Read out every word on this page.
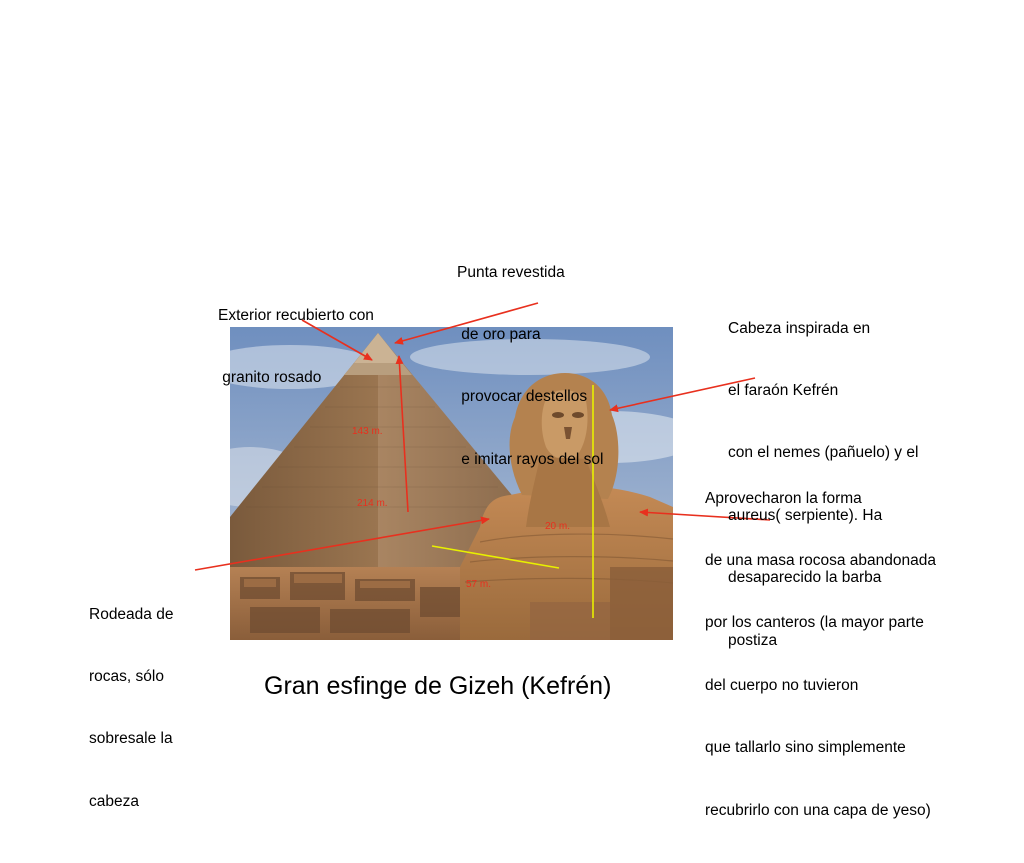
143 m.
214 m.
20 m.
57 m.

Punta revestida

de oro para

provocar destellos

e imitar rayos del sol

Exterior recubierto con

granito rosado

Cabeza inspirada en

el faraón Kefrén

con el nemes (pañuelo) y el

aureus( serpiente). Ha

desaparecido la barba

postiza

Aprovecharon la forma

de una masa rocosa abandonada

por los canteros (la mayor parte

del cuerpo no tuvieron

que tallarlo sino simplemente

recubrirlo con una capa de yeso)

Rodeada de

rocas, sólo

sobresale la

cabeza

Gran esfinge de Gizeh (Kefrén)
